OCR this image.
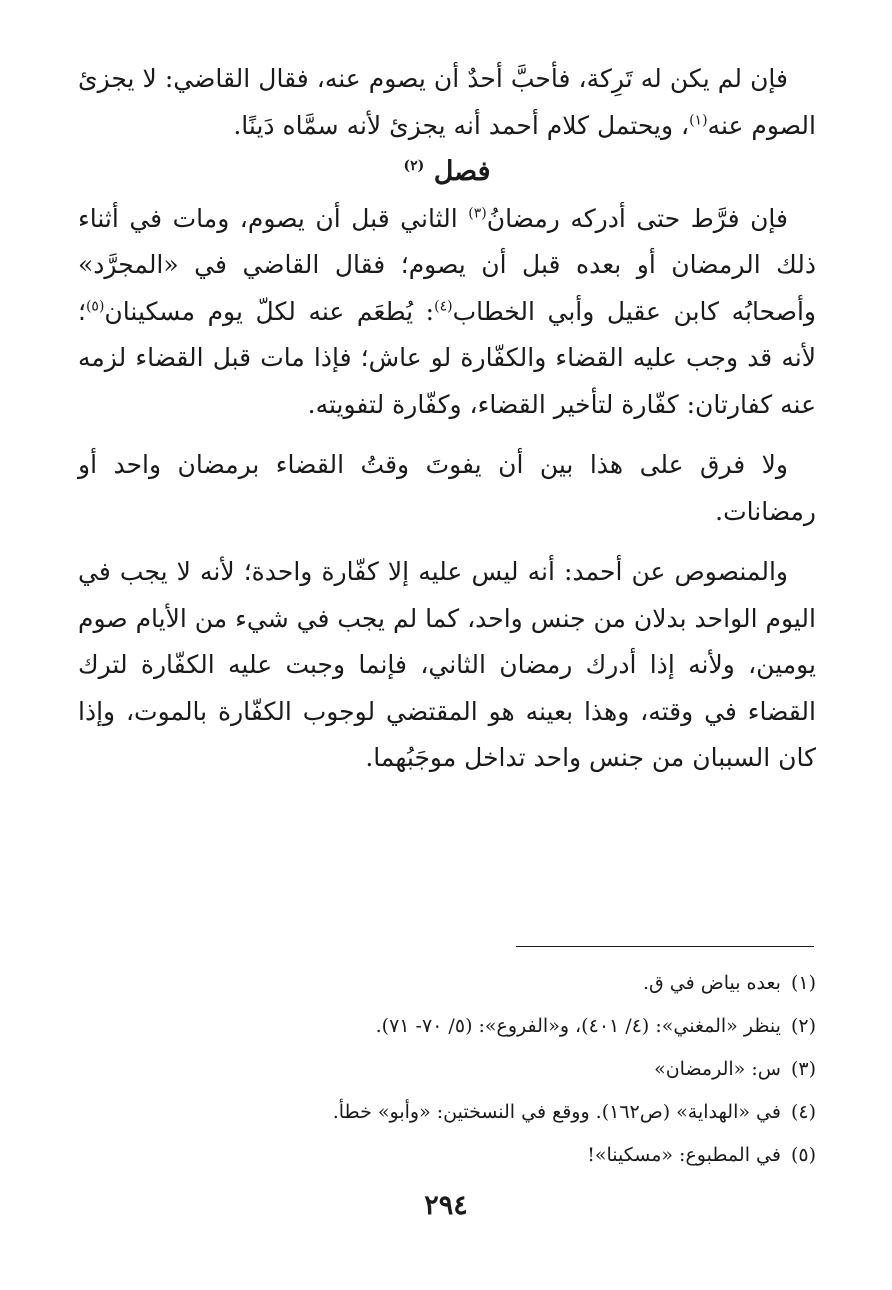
فإن لم يكن له تَرِكة، فأحبَّ أحدٌ أن يصوم عنه، فقال القاضي: لا يجزئ الصوم عنه$^{(١)}$، ويحتمل كلام أحمد أنه يجزئ لأنه سمَّاه دَينًا.

فصل $^{(٢)}$

فإن فرَّط حتى أدركه رمضانُ$^{(٣)}$ الثاني قبل أن يصوم، ومات في أثناء ذلك الرمضان أو بعده قبل أن يصوم؛ فقال القاضي في «المجرَّد» وأصحابُه كابن عقيل وأبي الخطاب$^{(٤)}$: يُطعَم عنه لكلّ يوم مسكينان$^{(٥)}$؛ لأنه قد وجب عليه القضاء والكفّارة لو عاش؛ فإذا مات قبل القضاء لزمه عنه كفارتان: كفّارة لتأخير القضاء، وكفّارة لتفويته.

ولا فرق على هذا بين أن يفوتَ وقتُ القضاء برمضان واحد أو رمضانات.

والمنصوص عن أحمد: أنه ليس عليه إلا كفّارة واحدة؛ لأنه لا يجب في اليوم الواحد بدلان من جنس واحد، كما لم يجب في شيء من الأيام صوم يومين، ولأنه إذا أدرك رمضان الثاني، فإنما وجبت عليه الكفّارة لترك القضاء في وقته، وهذا بعينه هو المقتضي لوجوب الكفّارة بالموت، وإذا كان السببان من جنس واحد تداخل موجَبُهما.

(١)بعده بياض في ق.
(٢)ينظر «المغني»: (٤/ ٤٠١)، و«الفروع»: (٥/ ٧٠- ٧١).
(٣)س: «الرمضان»
(٤)في «الهداية» (ص١٦٢). ووقع في النسختين: «وأبو» خطأ.
(٥)في المطبوع: «مسكينا»!
٢٩٤
